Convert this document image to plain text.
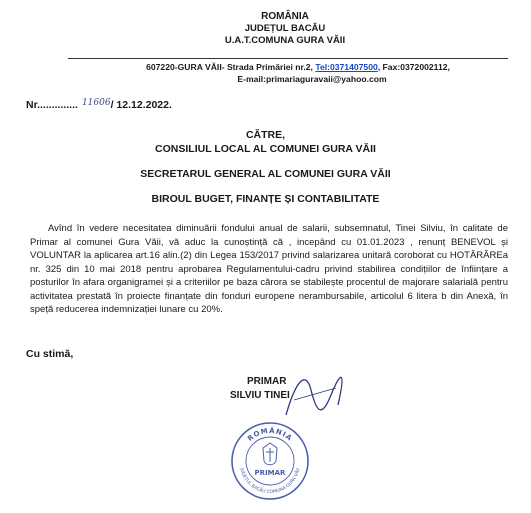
ROMÂNIA
JUDEȚUL BACĂU
U.A.T.COMUNA GURA VĂII
607220-GURA VĂII- Strada Primăriei nr.2, Tel:0371407500, Fax:0372002112,
E-mail:primariaguravaii@yahoo.com
Nr.............. 11606/ 12.12.2022.
CĂTRE,
CONSILIUL LOCAL AL COMUNEI GURA VĂII
SECRETARUL GENERAL AL COMUNEI GURA VĂII
BIROUL BUGET, FINANȚE ȘI CONTABILITATE
Avînd în vedere necesitatea diminuării fondului anual de salarii, subsemnatul, Tinei Silviu, în calitate de Primar al comunei Gura Văii, vă aduc la cunoștință că , incepând cu 01.01.2023 , renunț BENEVOL și VOLUNTAR la aplicarea art.16 alin.(2) din Legea 153/2017 privind salarizarea unitară coroborat cu HOTĂRÂREa nr. 325 din 10 mai 2018 pentru aprobarea Regulamentului-cadru privind stabilirea condițiilor de înființare a posturilor în afara organigramei și a criteriilor pe baza cărora se stabilește procentul de majorare salarială pentru activitatea prestată în proiecte finanțate din fonduri europene nerambursabile, articolul 6 litera b din Anexă, în speță reducerea indemnizației lunare cu 20%.
Cu stimă,
PRIMAR
SILVIU TINEI
ROMÂNIA
JUDEȚUL BACĂU COMUNA GURA VĂII
PRIMAR
